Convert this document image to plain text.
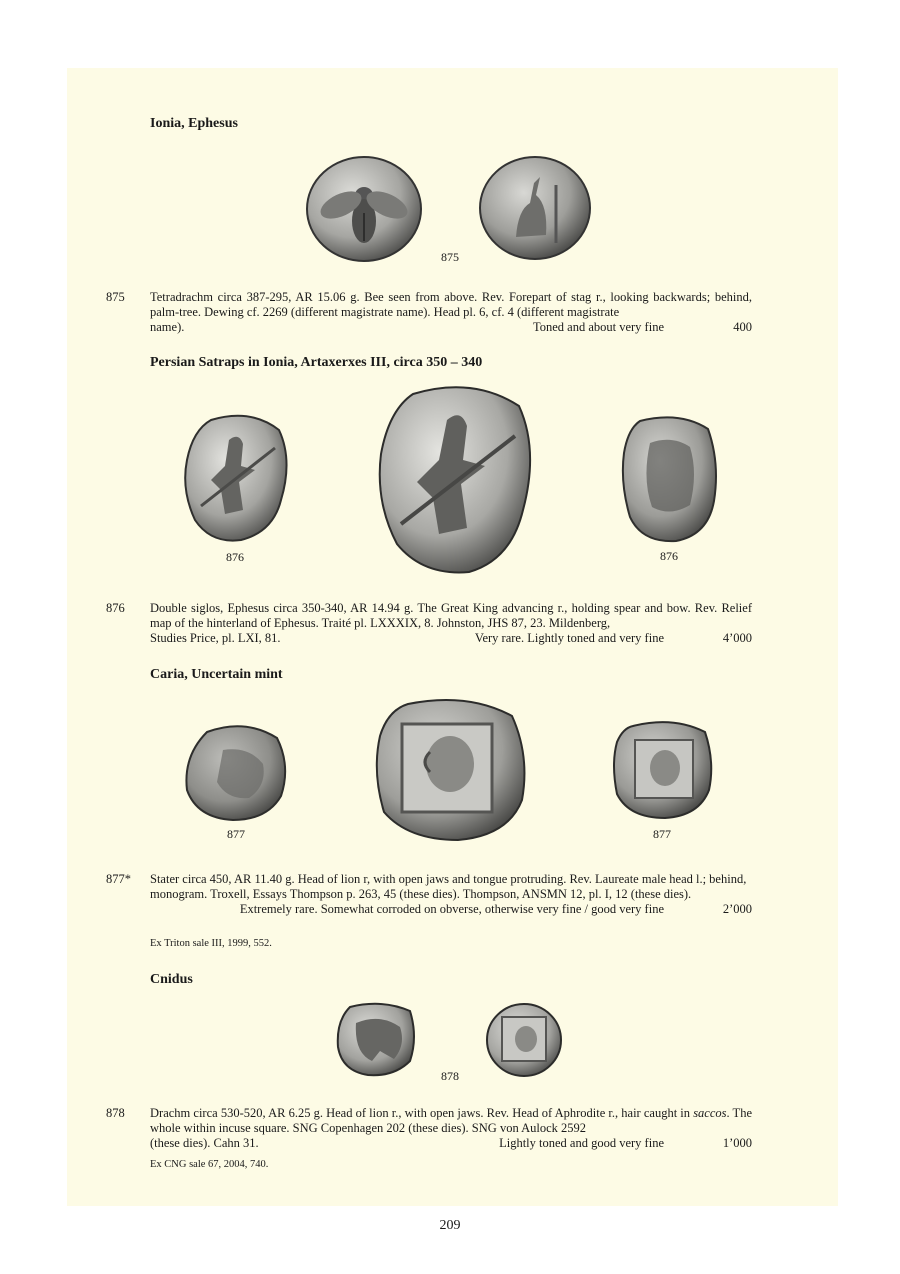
Ionia, Ephesus
875
875 Tetradrachm circa 387-295, AR 15.06 g. Bee seen from above. Rev. Forepart of stag r., looking backwards; behind, palm-tree. Dewing cf. 2269 (different magistrate name). Head pl. 6, cf. 4 (different magistrate
name).	Toned and about very fine	400
Persian Satraps in Ionia, Artaxerxes III, circa 350 – 340
876	876
876 Double siglos, Ephesus circa 350-340, AR 14.94 g. The Great King advancing r., holding spear and bow. Rev. Relief map of the hinterland of Ephesus. Traité pl. LXXXIX, 8. Johnston, JHS 87, 23. Mildenberg,
Studies Price, pl. LXI, 81.	Very rare. Lightly toned and very fine	4’000
Caria, Uncertain mint
877	877
877* Stater circa 450, AR 11.40 g. Head of lion r, with open jaws and tongue protruding. Rev. Laureate male head l.; behind, monogram. Troxell, Essays Thompson p. 263, 45 (these dies). Thompson, ANSMN 12, pl. I, 12 (these dies).
Extremely rare. Somewhat corroded on obverse, otherwise very fine / good very fine	2’000
Ex Triton sale III, 1999, 552.
Cnidus
878
878 Drachm circa 530-520, AR 6.25 g. Head of lion r., with open jaws. Rev. Head of Aphrodite r., hair caught in saccos. The whole within incuse square. SNG Copenhagen 202 (these dies). SNG von Aulock 2592
(these dies). Cahn 31.	Lightly toned and good very fine	1’000
Ex CNG sale 67, 2004, 740.
209
